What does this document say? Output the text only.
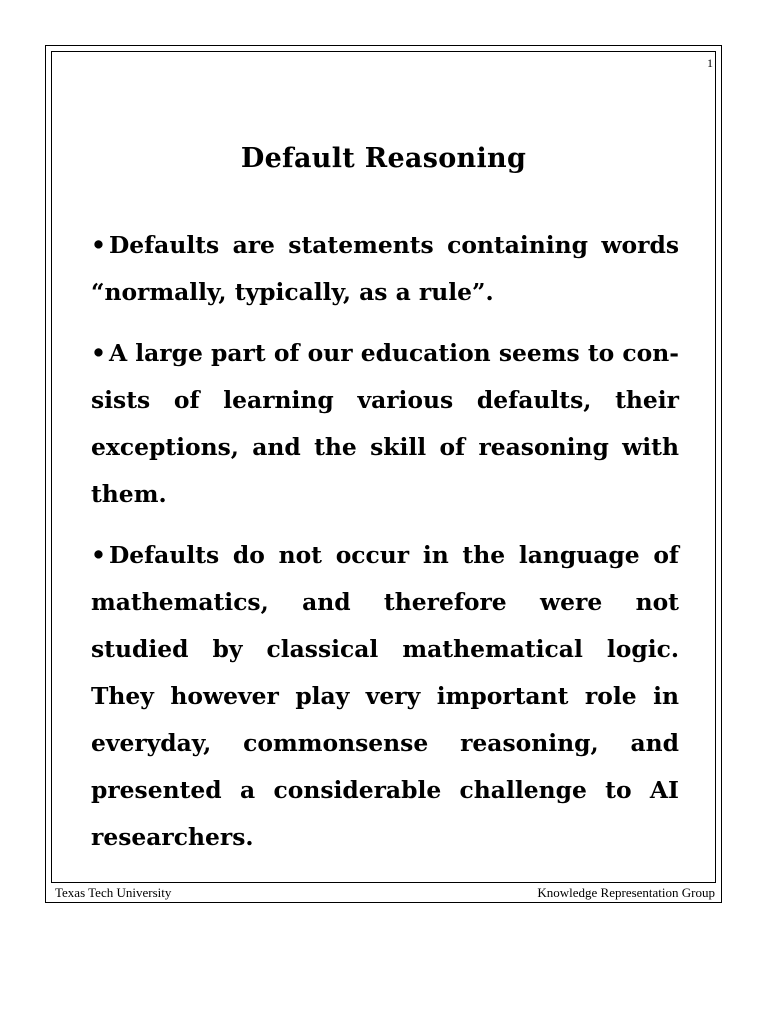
1
Default Reasoning

• Defaults are statements containing words “normally, typically, as a rule”.

• A large part of our education seems to consists of learning various defaults, their exceptions, and the skill of reasoning with them.

• Defaults do not occur in the language of mathematics, and therefore were not studied by classical mathematical logic. They however play very important role in everyday, commonsense reasoning, and presented a considerable challenge to AI researchers.

Texas Tech University	Knowledge Representation Group
